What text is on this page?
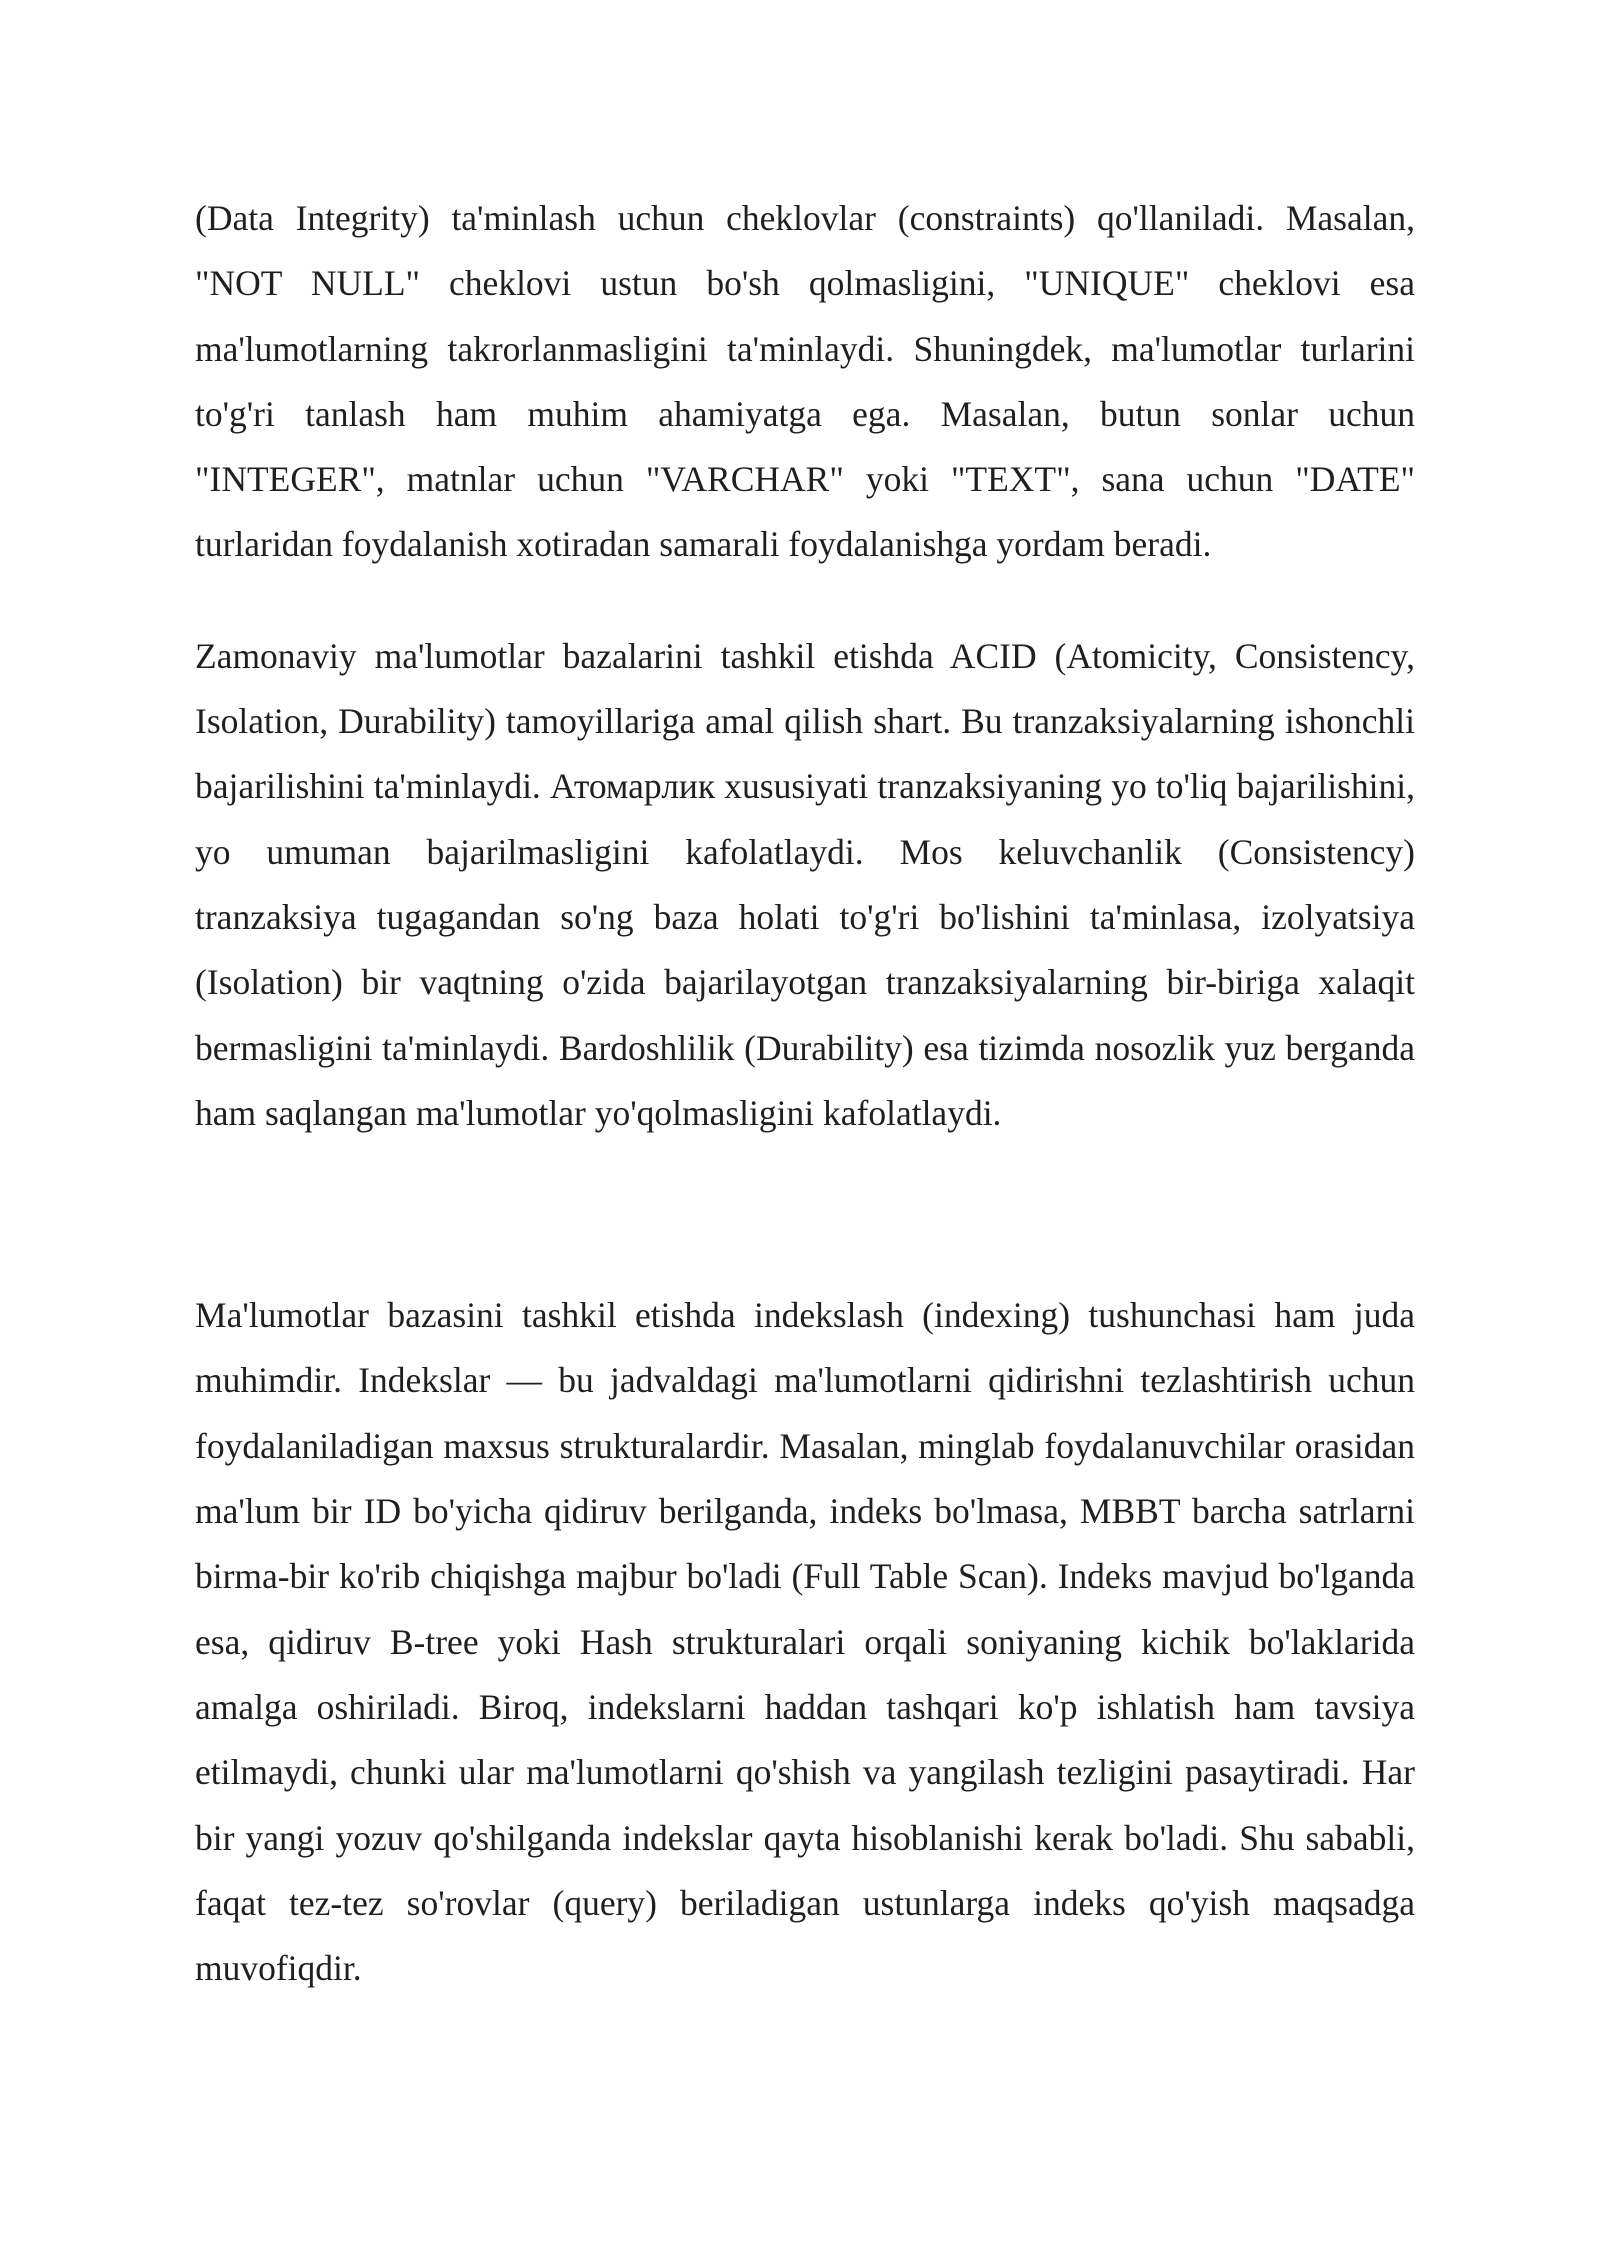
(Data Integrity) ta'minlash uchun cheklovlar (constraints) qo'llaniladi. Masalan, "NOT NULL" cheklovi ustun bo'sh qolmasligini, "UNIQUE" cheklovi esa ma'lumotlarning takrorlanmasligini ta'minlaydi. Shuningdek, ma'lumotlar turlarini to'g'ri tanlash ham muhim ahamiyatga ega. Masalan, butun sonlar uchun "INTEGER", matnlar uchun "VARCHAR" yoki "TEXT", sana uchun "DATE" turlaridan foydalanish xotiradan samarali foydalanishga yordam beradi.

Zamonaviy ma'lumotlar bazalarini tashkil etishda ACID (Atomicity, Consistency, Isolation, Durability) tamoyillariga amal qilish shart. Bu tranzaksiyalarning ishonchli bajarilishini ta'minlaydi. Атомарлик xususiyati tranzaksiyaning yo to'liq bajarilishini, yo umuman bajarilmasligini kafolatlaydi. Mos keluvchanlik (Consistency) tranzaksiya tugagandan so'ng baza holati to'g'ri bo'lishini ta'minlasa, izolyatsiya (Isolation) bir vaqtning o'zida bajarilayotgan tranzaksiyalarning bir-biriga xalaqit bermasligini ta'minlaydi. Bardoshlilik (Durability) esa tizimda nosozlik yuz berganda ham saqlangan ma'lumotlar yo'qolmasligini kafolatlaydi.

Ma'lumotlar bazasini tashkil etishda indekslash (indexing) tushunchasi ham juda muhimdir. Indekslar — bu jadvaldagi ma'lumotlarni qidirishni tezlashtirish uchun foydalaniladigan maxsus strukturalardir. Masalan, minglab foydalanuvchilar orasidan ma'lum bir ID bo'yicha qidiruv berilganda, indeks bo'lmasa, MBBT barcha satrlarni birma-bir ko'rib chiqishga majbur bo'ladi (Full Table Scan). Indeks mavjud bo'lganda esa, qidiruv B-tree yoki Hash strukturalari orqali soniyaning kichik bo'laklarida amalga oshiriladi. Biroq, indekslarni haddan tashqari ko'p ishlatish ham tavsiya etilmaydi, chunki ular ma'lumotlarni qo'shish va yangilash tezligini pasaytiradi. Har bir yangi yozuv qo'shilganda indekslar qayta hisoblanishi kerak bo'ladi. Shu sababli, faqat tez-tez so'rovlar (query) beriladigan ustunlarga indeks qo'yish maqsadga muvofiqdir.
